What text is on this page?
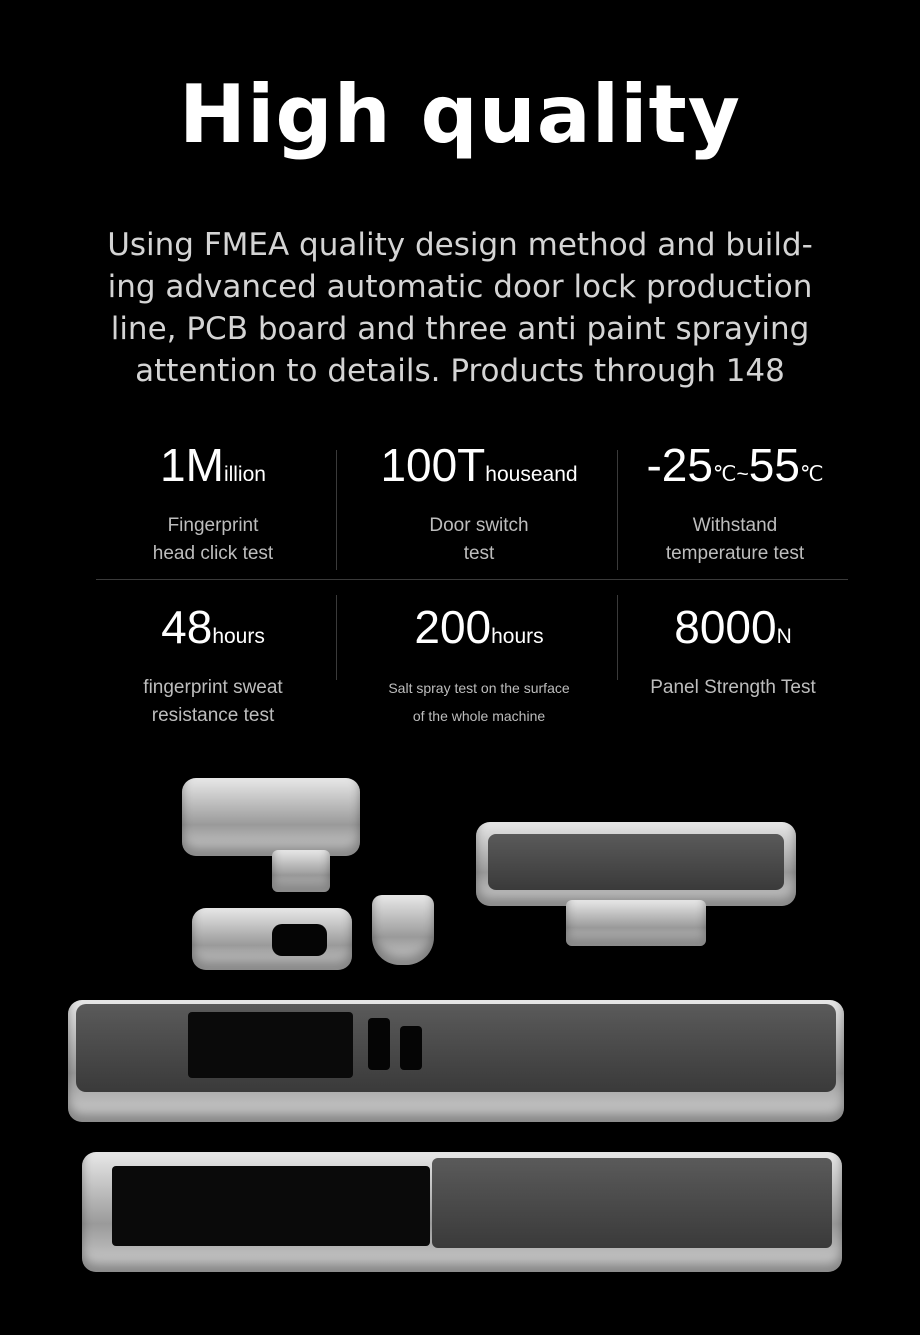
High quality
Using FMEA quality design method and build-
ing advanced automatic door lock production
line, PCB board and three anti paint spraying
attention to details. Products through 148
1Million
Fingerprint
head click test
100Thouseand
Door switch
test
-25℃~55℃
Withstand
temperature test
48hours
fingerprint sweat
resistance test
200hours
Salt spray test on the surface
of the whole machine
8000N
Panel Strength Test
